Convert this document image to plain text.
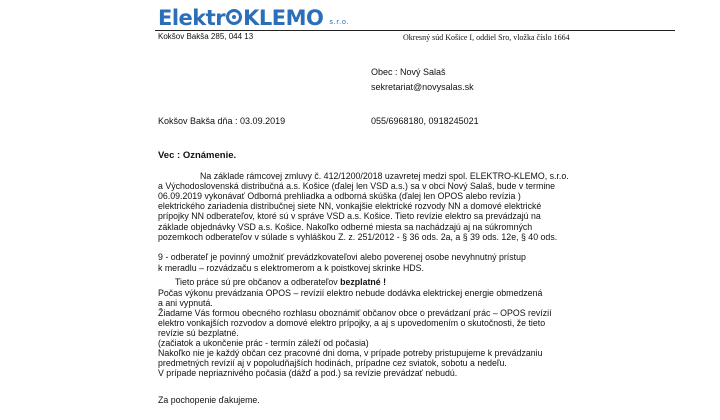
Elektr KLEMO s.r.o.
Kokšov Bakša 285, 044 13	Okresný súd Košice I, oddiel Sro, vložka číslo 1664
Obec : Nový Salaš
sekretariat@novysalas.sk
Kokšov Bakša dňa : 03.09.2019	055/6968180, 0918245021
Vec : Oznámenie.
Na základe rámcovej zmluvy č. 412/1200/2018 uzavretej medzi spol. ELEKTRO-KLEMO, s.r.o.
a Východoslovenská distribučná a.s. Košice (ďalej len VSD a.s.) sa v obci Nový Salaš, bude v termine
06.09.2019 vykonávať Odborná prehliadka a odborná skúška (ďalej len OPOS alebo revízia )
elektrického zariadenia distribučnej siete NN, vonkajšie elektrické rozvody NN a domové elektrické
prípojky NN odberateľov, ktoré sú v správe VSD a.s. Košice. Tieto revízie elektro sa prevádzajú na
základe objednávky VSD a.s. Košice. Nakoľko odberné miesta sa nachádzajú aj na súkromných
pozemkoch odberateľov v súlade s vyhláškou Z. z. 251/2012 - § 36 ods. 2a, a § 39 ods. 12e, § 40 ods.
9 - odberateľ je povinný umožniť prevádzkovateľovi alebo poverenej osobe nevyhnutný prístup
k meradlu – rozvádzaču s elektromerom a k poistkovej skrinke HDS.
Tieto práce sú pre občanov a odberateľov bezplatné !
Počas výkonu prevádzania OPOS – revízií elektro nebude dodávka elektrickej energie obmedzená
a ani vypnutá.
Žiadame Vás formou obecného rozhlasu oboznámiť občanov obce o prevádzaní prác – OPOS revízií
elektro vonkajších rozvodov a domové elektro prípojky, a aj s upovedomením o skutočnosti, že tieto
revízie sú bezplatné.
(začiatok a ukončenie prác - termín záleží od počasia)
Nakoľko nie je každý občan cez pracovné dni doma, v prípade potreby pristupujeme k prevádzaniu
predmetných revízií aj v popoludňajších hodinách, prípadne cez sviatok, sobotu a nedeľu.
V prípade nepriaznivého počasia (dážď a pod.) sa revízie prevádzať nebudú.
Za pochopenie ďakujeme.
